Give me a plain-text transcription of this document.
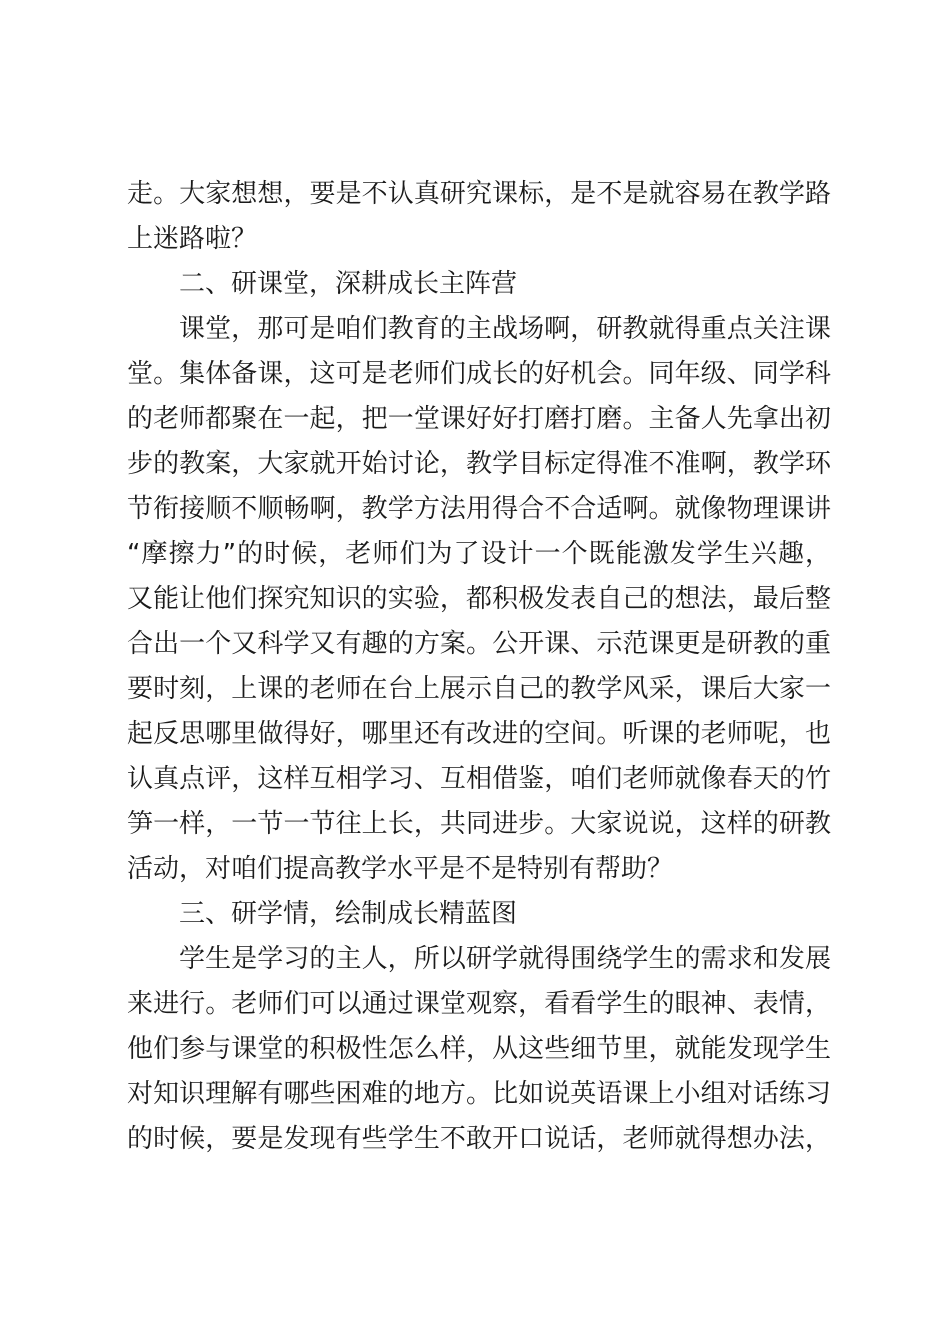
走。大家想想，要是不认真研究课标，是不是就容易在教学路
上迷路啦？
二、研课堂，深耕成长主阵营
课堂，那可是咱们教育的主战场啊，研教就得重点关注课
堂。集体备课，这可是老师们成长的好机会。同年级、同学科
的老师都聚在一起，把一堂课好好打磨打磨。主备人先拿出初
步的教案，大家就开始讨论，教学目标定得准不准啊，教学环
节衔接顺不顺畅啊，教学方法用得合不合适啊。就像物理课讲
“摩擦力”的时候，老师们为了设计一个既能激发学生兴趣，
又能让他们探究知识的实验，都积极发表自己的想法，最后整
合出一个又科学又有趣的方案。公开课、示范课更是研教的重
要时刻，上课的老师在台上展示自己的教学风采，课后大家一
起反思哪里做得好，哪里还有改进的空间。听课的老师呢，也
认真点评，这样互相学习、互相借鉴，咱们老师就像春天的竹
笋一样，一节一节往上长，共同进步。大家说说，这样的研教
活动，对咱们提高教学水平是不是特别有帮助？
三、研学情，绘制成长精蓝图
学生是学习的主人，所以研学就得围绕学生的需求和发展
来进行。老师们可以通过课堂观察，看看学生的眼神、表情，
他们参与课堂的积极性怎么样，从这些细节里，就能发现学生
对知识理解有哪些困难的地方。比如说英语课上小组对话练习
的时候，要是发现有些学生不敢开口说话，老师就得想办法，
